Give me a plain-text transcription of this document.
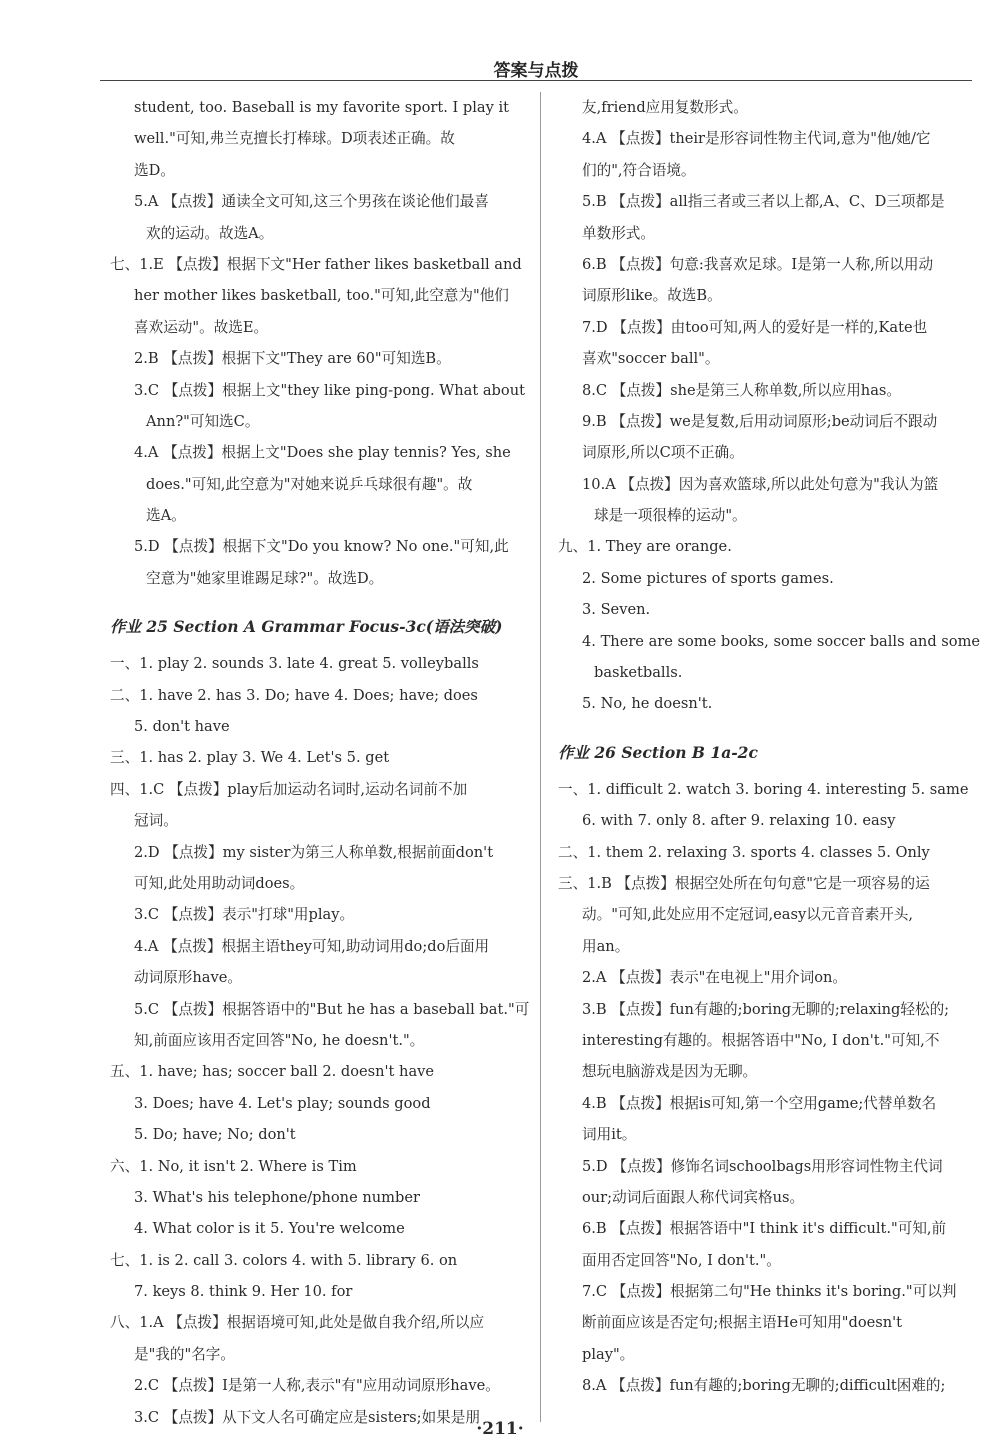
答案与点拨
student, too. Baseball is my favorite sport. I play it
well."可知,弗兰克擅长打棒球。D项表述正确。故
选D。
5.A 【点拨】通读全文可知,这三个男孩在谈论他们最喜
欢的运动。故选A。
七、1.E 【点拨】根据下文"Her father likes basketball and
her mother likes basketball, too."可知,此空意为"他们
喜欢运动"。故选E。
2.B 【点拨】根据下文"They are 60"可知选B。
3.C 【点拨】根据上文"they like ping-pong. What about
Ann?"可知选C。
4.A 【点拨】根据上文"Does she play tennis? Yes, she
does."可知,此空意为"对她来说乒乓球很有趣"。故
选A。
5.D 【点拨】根据下文"Do you know? No one."可知,此
空意为"她家里谁踢足球?"。故选D。
作业 25 Section A Grammar Focus-3c(语法突破)
一、1. play 2. sounds 3. late 4. great 5. volleyballs
二、1. have 2. has 3. Do; have 4. Does; have; does
5. don't have
三、1. has 2. play 3. We 4. Let's 5. get
四、1.C 【点拨】play后加运动名词时,运动名词前不加
冠词。
2.D 【点拨】my sister为第三人称单数,根据前面don't
可知,此处用助动词does。
3.C 【点拨】表示"打球"用play。
4.A 【点拨】根据主语they可知,助动词用do;do后面用
动词原形have。
5.C 【点拨】根据答语中的"But he has a baseball bat."可
知,前面应该用否定回答"No, he doesn't."。
五、1. have; has; soccer ball 2. doesn't have
3. Does; have 4. Let's play; sounds good
5. Do; have; No; don't
六、1. No, it isn't 2. Where is Tim
3. What's his telephone/phone number
4. What color is it 5. You're welcome
七、1. is 2. call 3. colors 4. with 5. library 6. on
7. keys 8. think 9. Her 10. for
八、1.A 【点拨】根据语境可知,此处是做自我介绍,所以应
是"我的"名字。
2.C 【点拨】I是第一人称,表示"有"应用动词原形have。
3.C 【点拨】从下文人名可确定应是sisters;如果是朋
友,friend应用复数形式。
4.A 【点拨】their是形容词性物主代词,意为"他/她/它
们的",符合语境。
5.B 【点拨】all指三者或三者以上都,A、C、D三项都是
单数形式。
6.B 【点拨】句意:我喜欢足球。I是第一人称,所以用动
词原形like。故选B。
7.D 【点拨】由too可知,两人的爱好是一样的,Kate也
喜欢"soccer ball"。
8.C 【点拨】she是第三人称单数,所以应用has。
9.B 【点拨】we是复数,后用动词原形;be动词后不跟动
词原形,所以C项不正确。
10.A 【点拨】因为喜欢篮球,所以此处句意为"我认为篮
球是一项很棒的运动"。
九、1. They are orange.
2. Some pictures of sports games.
3. Seven.
4. There are some books, some soccer balls and some
basketballs.
5. No, he doesn't.
作业 26 Section B 1a-2c
一、1. difficult 2. watch 3. boring 4. interesting 5. same
6. with 7. only 8. after 9. relaxing 10. easy
二、1. them 2. relaxing 3. sports 4. classes 5. Only
三、1.B 【点拨】根据空处所在句句意"它是一项容易的运
动。"可知,此处应用不定冠词,easy以元音音素开头,
用an。
2.A 【点拨】表示"在电视上"用介词on。
3.B 【点拨】fun有趣的;boring无聊的;relaxing轻松的;
interesting有趣的。根据答语中"No, I don't."可知,不
想玩电脑游戏是因为无聊。
4.B 【点拨】根据is可知,第一个空用game;代替单数名
词用it。
5.D 【点拨】修饰名词schoolbags用形容词性物主代词
our;动词后面跟人称代词宾格us。
6.B 【点拨】根据答语中"I think it's difficult."可知,前
面用否定回答"No, I don't."。
7.C 【点拨】根据第二句"He thinks it's boring."可以判
断前面应该是否定句;根据主语He可知用"doesn't
play"。
8.A 【点拨】fun有趣的;boring无聊的;difficult困难的;
·211·
